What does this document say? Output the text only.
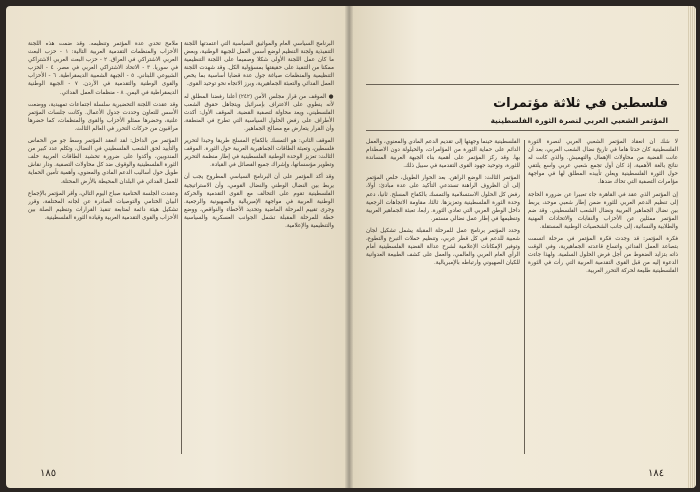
البرنامج السياسي العام والمواثيق السياسية التي اعتمدتها اللجنة التنفيذية ولجنة التنظيم لوضع أسس العمل للجبهة الوطنية، وبعض ما كان عمل اللجنة الأولى شكلا وصميما على اللجنة التنظيمية ممكنا من التنفيذ على حقيقتها بمسؤولية الكل. وقد شهدت اللجنة التنظيمية والمنظمات صياغة جول عدة قضايا أساسية بما يخص العمل الفدائي والتعبئة الجماهيرية، وبرز الاتجاه نحو توحيد القوى.

● الموقف من قرار مجلس الأمن (٢٤٢) أعلنا رفضنا المطلق له لأنه ينطوي على الاعتراف بإسرائيل ويتجاهل حقوق الشعب الفلسطيني، ويعد محاولة لتصفية القضية. الموقف الأول: أكدت الأطراف على رفض الحلول السياسية التي تطرح في المنطقة، وأن القرار يتعارض مع مصالح الجماهير.

الموقف الثاني: هو التمسك بالكفاح المسلح طريقا وحيدا لتحرير فلسطين، وتعبئة الطاقات الجماهيرية العربية حول الثورة. الموقف الثالث: تعزيز الوحدة الوطنية الفلسطينية في إطار منظمة التحرير وتطوير مؤسساتها، وإشراك جميع الفصائل في القيادة.

وقد أكد المؤتمر على أن البرنامج السياسي المطروح يجب أن يربط بين النضال الوطني والنضال القومي، وأن الاستراتيجية الفلسطينية تقوم على التحالف مع القوى التقدمية والحركة الوطنية العربية في مواجهة الإمبريالية والصهيونية والرجعية. وجرى تقييم المرحلة الماضية وتحديد الأخطاء والنواقص، ووضع خطة للمرحلة المقبلة تشمل الجوانب العسكرية والسياسية والتنظيمية والإعلامية.

ملامح تحدي عدة المؤتمر وتنظيمه. وقد ضمت هذه اللجنة الأحزاب والمنظمات التقدمية العربية التالية: ١ - حزب البعث العربي الاشتراكي في العراق. ٢ - حزب البعث العربي الاشتراكي في سوريا. ٣ - الاتحاد الاشتراكي العربي في مصر. ٤ - الحزب الشيوعي اللبناني. ٥ - الجبهة الشعبية الديمقراطية. ٦ - الأحزاب والقوى الوطنية والتقدمية في الأردن. ٧ - الجبهة الوطنية الديمقراطية في اليمن. ٨ - منظمات العمل الفدائي.

وقد عقدت اللجنة التحضيرية سلسلة اجتماعات تمهيدية، ووضعت الأسس للتعاون وحددت جدول الأعمال. وكانت جلسات المؤتمر علنية، وحضرها ممثلو الأحزاب والقوى والمنظمات، كما حضرها مراقبون من حركات التحرر في العالم الثالث.

المؤتمر من الداخل: لقد انعقد المؤتمر وسط جو من الحماس والتأييد لحق الشعب الفلسطيني في النضال، وتكلم عدد كبير من المندوبين، وأكدوا على ضرورة تحشيد الطاقات العربية خلف الثورة الفلسطينية والوقوف ضد كل محاولات التصفية. ودار نقاش طويل حول أساليب الدعم المادي والمعنوي، وأهمية تأمين الحماية للعمل الفدائي في البلدان المحيطة بالأرض المحتلة.

وعقدت الجلسة الختامية صباح اليوم التالي، وأقر المؤتمر بالإجماع البيان الختامي والتوصيات الصادرة عن لجانه المختلفة، وقرر تشكيل هيئة دائمة لمتابعة تنفيذ القرارات وتنظيم الصلة بين الأحزاب والقوى التقدمية العربية وقيادة الثورة الفلسطينية.

١٨٥
فلسطين في ثلاثة مؤتمرات
المؤتمر الشعبي العربي لنصرة الثورة الفلسطينية

لا شك أن انعقاد المؤتمر الشعبي العربي لنصرة الثورة الفلسطينية كان حدثا هاما في تاريخ نضال الشعب العربي، بعد أن عانت القضية من محاولات الإهمال والتهميش. والذي كانت له نتائج بالغة الأهمية، إذ كان أول تجمع شعبي عربي واسع يلتقي حول الثورة الفلسطينية ويعلن تأييده المطلق لها في مواجهة مؤامرات التصفية التي تحاك ضدها.

إن المؤتمر الذي عقد في القاهرة جاء تعبيرا عن ضرورة الحاجة إلى تنظيم الدعم العربي للثورة ضمن إطار شعبي موحد، يربط بين نضال الجماهير العربية ونضال الشعب الفلسطيني. وقد ضم المؤتمر ممثلين عن الأحزاب والنقابات والاتحادات المهنية والطلابية والنسائية، إلى جانب الشخصيات الوطنية المستقلة.

فكرة المؤتمر: قد وجدت فكرة المؤتمر في مرحلة اتسمت بتصاعد العمل الفدائي واتساع قاعدته الجماهيرية، وفي الوقت ذاته بتزايد الضغوط من أجل فرض الحلول السلمية. ولهذا جاءت الدعوة إليه من قبل القوى التقدمية العربية التي رأت في الثورة الفلسطينية طليعة لحركة التحرر العربية.

الفلسطينية حينما وجهتها إلى تقديم الدعم المادي والمعنوي، والعمل الدائم على حماية الثورة من المؤامرات، والحيلولة دون الاصطدام بها. وقد ركز المؤتمر على أهمية بناء الجبهة العربية المساندة للثورة، وتوحيد جهود القوى التقدمية في سبيل ذلك.

المؤتمر الثالث: الوضع الراهن. بعد الحوار الطويل، خلص المؤتمر إلى أن الظروف الراهنة تستدعي التأكيد على عدة مبادئ: أولا، رفض كل الحلول الاستسلامية والتمسك بالكفاح المسلح. ثانيا، دعم وحدة الثورة الفلسطينية وتعزيزها. ثالثا، مقاومة الاتجاهات الرجعية داخل الوطن العربي التي تعادي الثورة. رابعا، تعبئة الجماهير العربية وتنظيمها في إطار عمل نضالي مستمر.

وحدد المؤتمر برنامج عمل للمرحلة المقبلة يشمل تشكيل لجان شعبية للدعم في كل قطر عربي، وتنظيم حملات التبرع والتطوع، وتوفير الإمكانات الإعلامية لشرح عدالة القضية الفلسطينية أمام الرأي العام العربي والعالمي، والعمل على كشف الطبيعة العدوانية للكيان الصهيوني وارتباطه بالإمبريالية.

١٨٤
